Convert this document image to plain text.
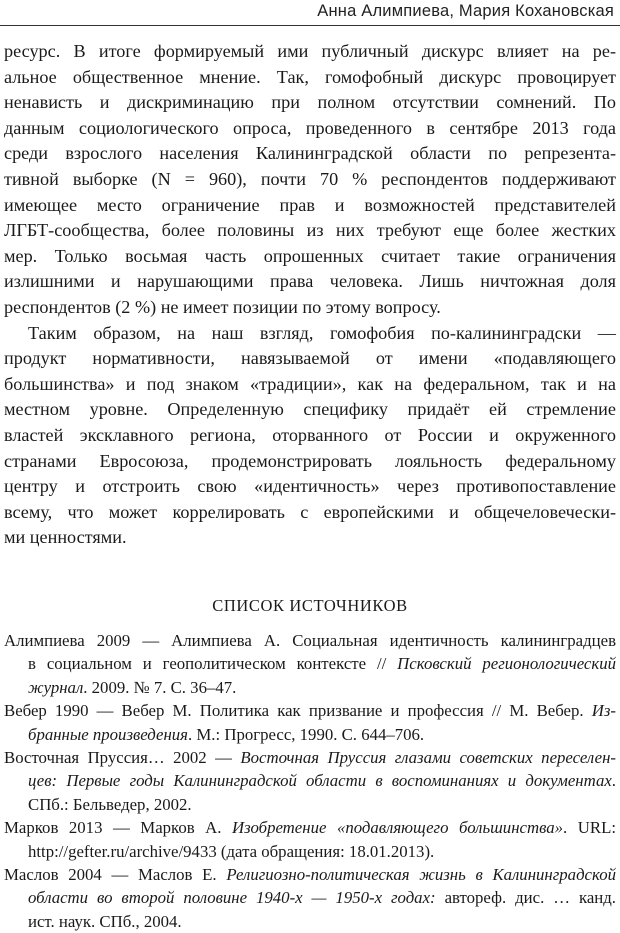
Анна Алимпиева, Мария Кохановская
ресурс. В итоге формируемый ими публичный дискурс влияет на ре-
альное общественное мнение. Так, гомофобный дискурс провоцирует
ненависть и дискриминацию при полном отсутствии сомнений. По
данным социологического опроса, проведенного в сентябре 2013 года
среди взрослого населения Калининградской области по репрезента-
тивной выборке (N = 960), почти 70 % респондентов поддерживают
имеющее место ограничение прав и возможностей представителей
ЛГБТ-сообщества, более половины из них требуют еще более жестких
мер. Только восьмая часть опрошенных считает такие ограничения
излишними и нарушающими права человека. Лишь ничтожная доля
респондентов (2 %) не имеет позиции по этому вопросу.
Таким образом, на наш взгляд, гомофобия по-калининградски —
продукт нормативности, навязываемой от имени «подавляющего
большинства» и под знаком «традиции», как на федеральном, так и на
местном уровне. Определенную специфику придаёт ей стремление
властей эксклавного региона, оторванного от России и окруженного
странами Евросоюза, продемонстрировать лояльность федеральному
центру и отстроить свою «идентичность» через противопоставление
всему, что может коррелировать с европейскими и общечеловечески-
ми ценностями.
СПИСОК ИСТОЧНИКОВ
Алимпиева 2009 — Алимпиева А. Социальная идентичность калининградцев
в социальном и геополитическом контексте // Псковский регионологический
журнал. 2009. № 7. С. 36–47.
Вебер 1990 — Вебер М. Политика как призвание и профессия // М. Вебер. Из-
бранные произведения. М.: Прогресс, 1990. С. 644–706.
Восточная Пруссия… 2002 — Восточная Пруссия глазами советских переселен-
цев: Первые годы Калининградской области в воспоминаниях и документах.
СПб.: Бельведер, 2002.
Марков 2013 — Марков А. Изобретение «подавляющего большинства». URL:
http://gefter.ru/archive/9433 (дата обращения: 18.01.2013).
Маслов 2004 — Маслов Е. Религиозно-политическая жизнь в Калининградской
области во второй половине 1940-х — 1950-х годах: автореф. дис. … канд.
ист. наук. СПб., 2004.
